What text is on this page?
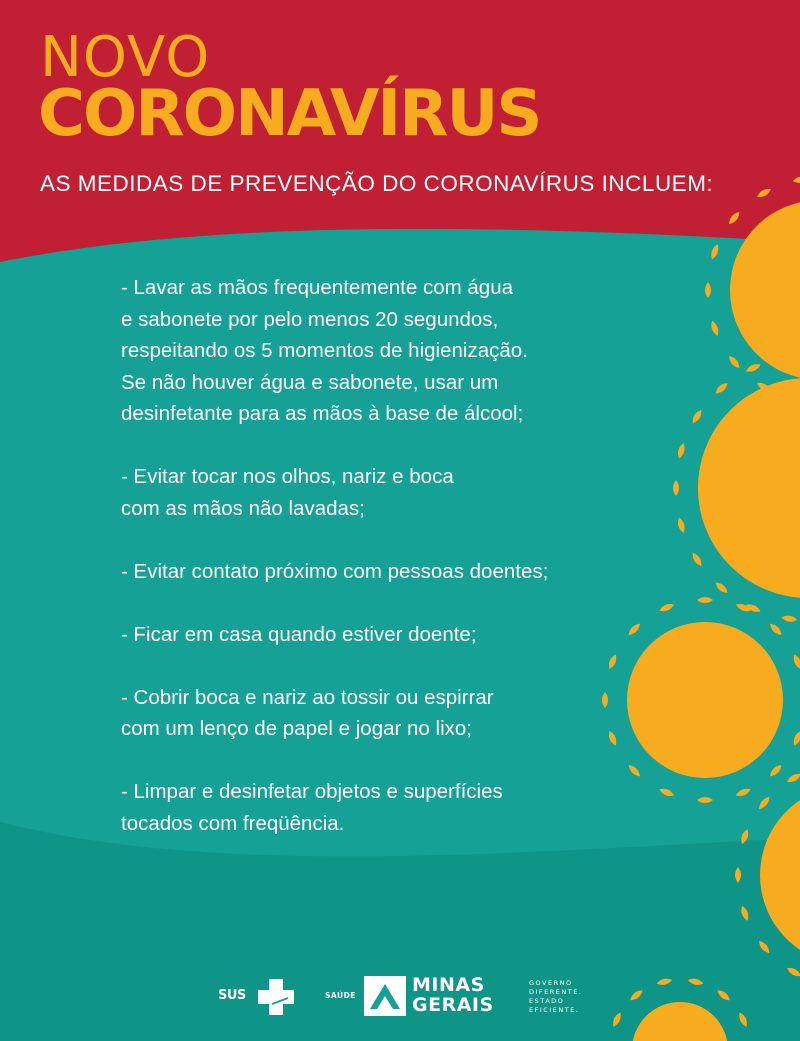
NOVO
CORONAVÍRUS
AS MEDIDAS DE PREVENÇÃO DO CORONAVÍRUS INCLUEM:
- Lavar as mãos frequentemente com água
e sabonete por pelo menos 20 segundos,
respeitando os 5 momentos de higienização.
Se não houver água e sabonete, usar um
desinfetante para as mãos à base de álcool;
- Evitar tocar nos olhos, nariz e boca
com as mãos não lavadas;
- Evitar contato próximo com pessoas doentes;
- Ficar em casa quando estiver doente;
- Cobrir boca e nariz ao tossir ou espirrar
com um lenço de papel e jogar no lixo;
- Limpar e desinfetar objetos e superfícies
tocados com freqüência.
SUS	SAÚDE	MINAS
GERAIS
GOVERNO
DIFERENTE.
ESTADO
EFICIENTE.
